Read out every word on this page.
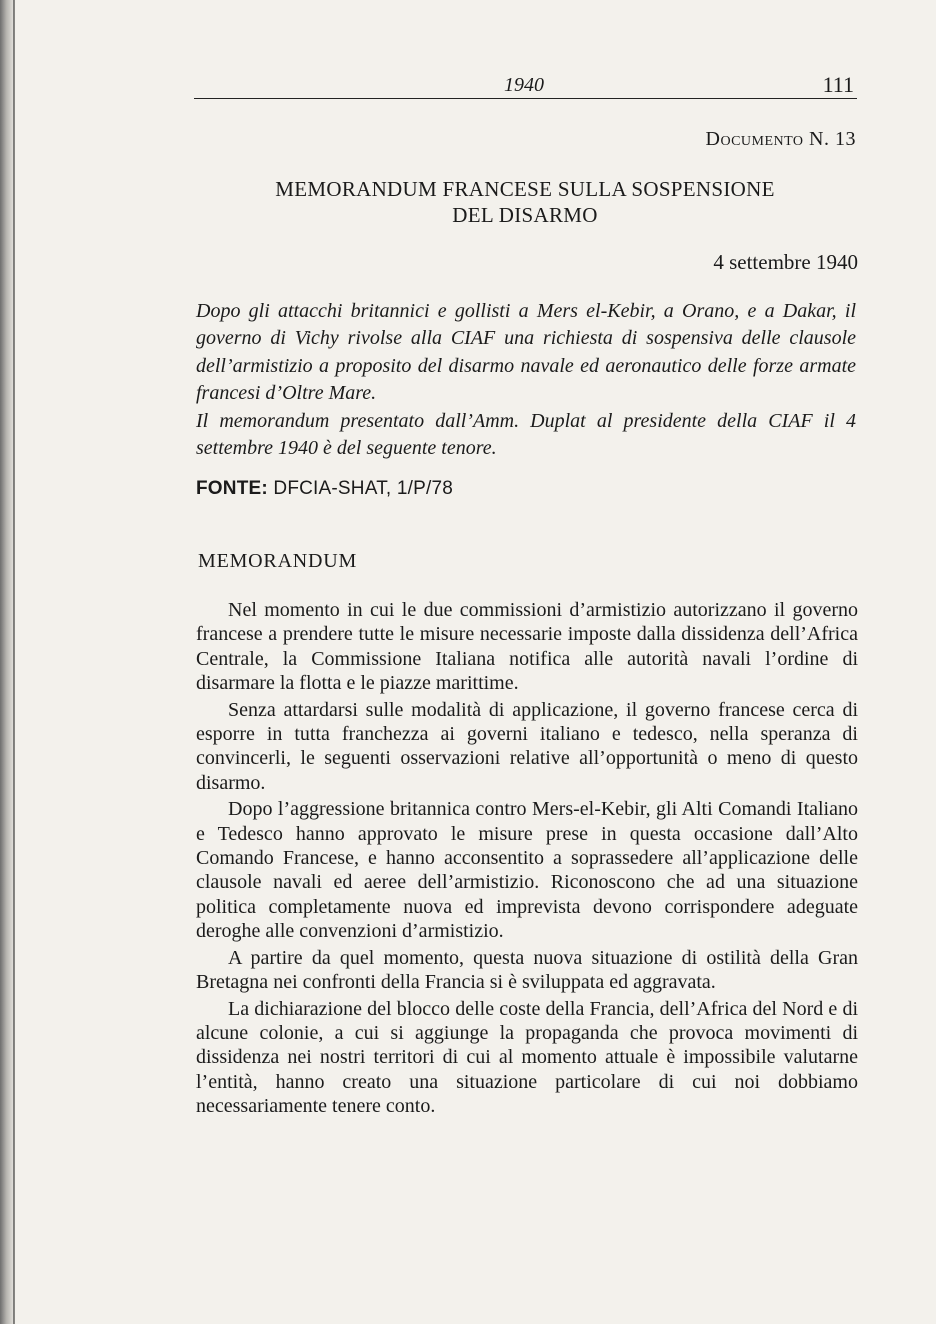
1940	111
Documento N. 13
MEMORANDUM FRANCESE SULLA SOSPENSIONE
DEL DISARMO
4 settembre 1940

Dopo gli attacchi britannici e gollisti a Mers el-Kebir, a Orano, e a Dakar, il governo di Vichy rivolse alla CIAF una richiesta di sospensiva delle clausole dell’armistizio a proposito del disarmo navale ed aeronautico delle forze armate francesi d’Oltre Mare.

Il memorandum presentato dall’Amm. Duplat al presidente della CIAF il 4 settembre 1940 è del seguente tenore.

FONTE: DFCIA-SHAT, 1/P/78
MEMORANDUM

Nel momento in cui le due commissioni d’armistizio autorizzano il governo francese a prendere tutte le misure necessarie imposte dalla dissidenza dell’Africa Centrale, la Commissione Italiana notifica alle autorità navali l’ordine di disarmare la flotta e le piazze marittime.

Senza attardarsi sulle modalità di applicazione, il governo francese cerca di esporre in tutta franchezza ai governi italiano e tedesco, nella speranza di convincerli, le seguenti osservazioni relative all’opportunità o meno di questo disarmo.

Dopo l’aggressione britannica contro Mers-el-Kebir, gli Alti Comandi Italiano e Tedesco hanno approvato le misure prese in questa occasione dall’Alto Comando Francese, e hanno acconsentito a soprassedere all’applicazione delle clausole navali ed aeree dell’armistizio. Riconoscono che ad una situazione politica completamente nuova ed imprevista devono corrispondere adeguate deroghe alle convenzioni d’armistizio.

A partire da quel momento, questa nuova situazione di ostilità della Gran Bretagna nei confronti della Francia si è sviluppata ed aggravata.

La dichiarazione del blocco delle coste della Francia, dell’Africa del Nord e di alcune colonie, a cui si aggiunge la propaganda che provoca movimenti di dissidenza nei nostri territori di cui al momento attuale è impossibile valutarne l’entità, hanno creato una situazione particolare di cui noi dobbiamo necessariamente tenere conto.
